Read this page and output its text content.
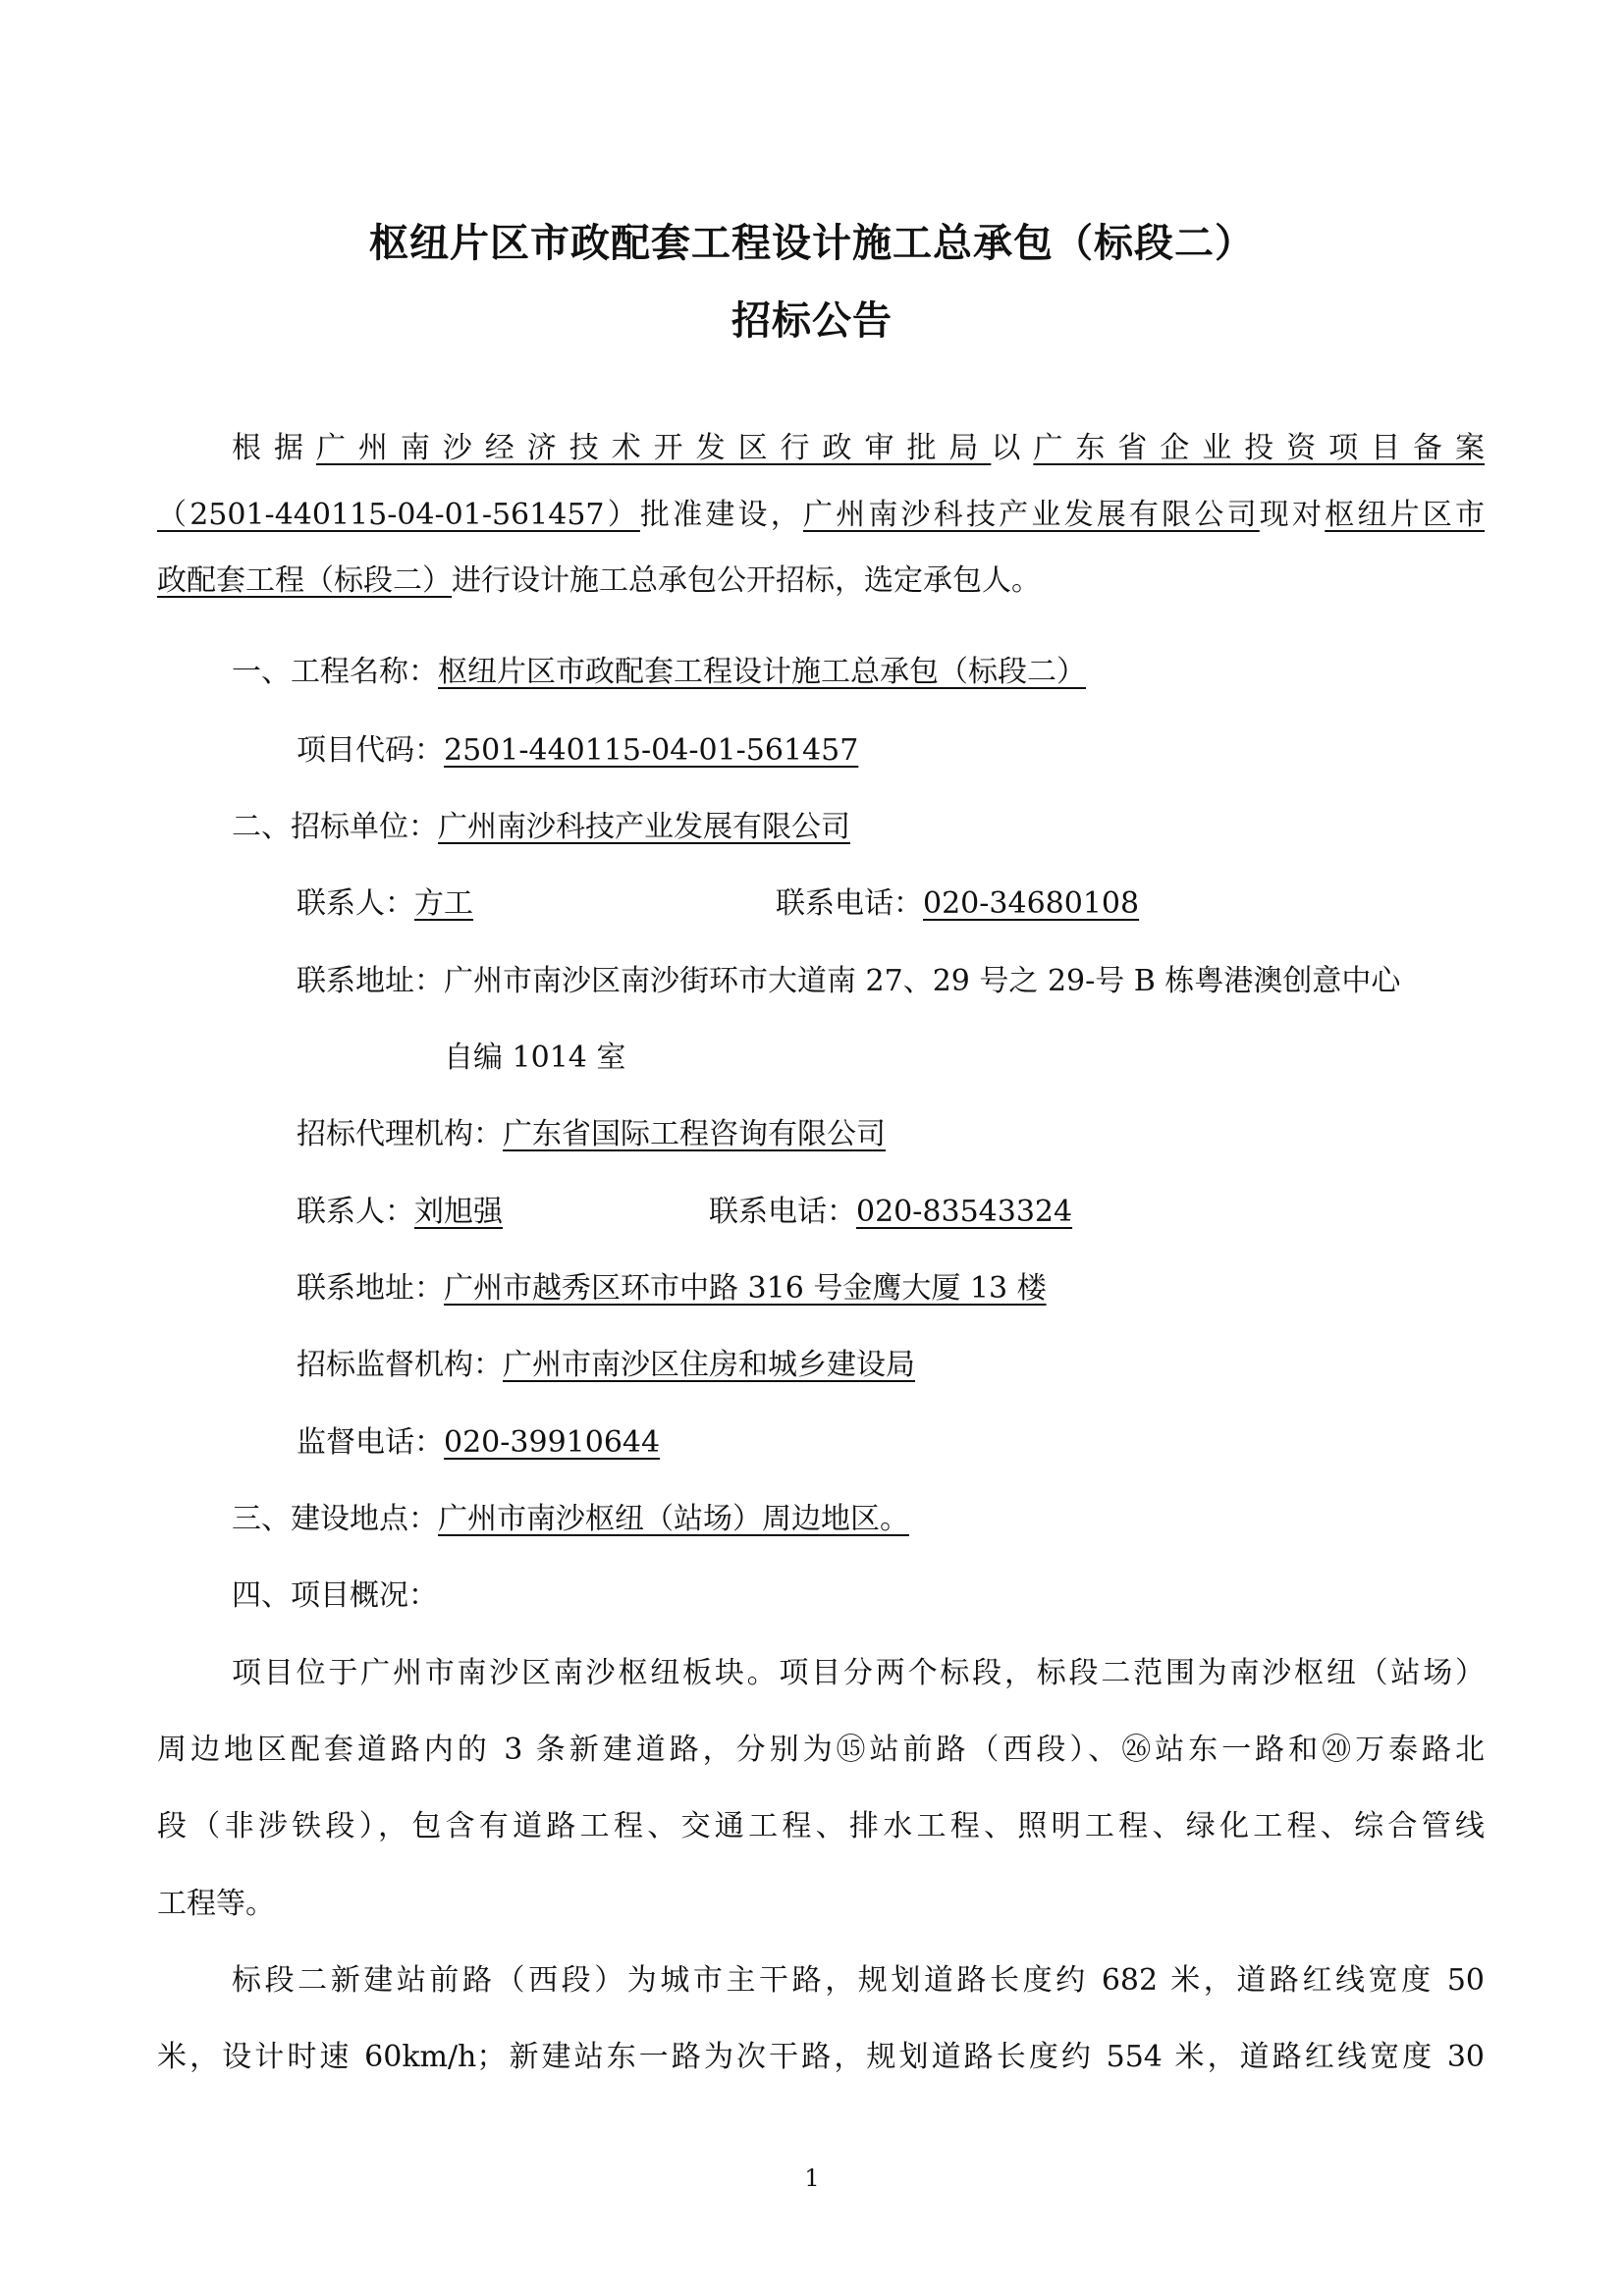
枢纽片区市政配套工程设计施工总承包（标段二）
招标公告
根据广州南沙经济技术开发区行政审批局以广东省企业投资项目备案
（2501-440115-04-01-561457）批准建设，广州南沙科技产业发展有限公司现对枢纽片区市
政配套工程（标段二）进行设计施工总承包公开招标，选定承包人。
一、工程名称：枢纽片区市政配套工程设计施工总承包（标段二）
项目代码：2501-440115-04-01-561457
二、招标单位：广州南沙科技产业发展有限公司
联系人：方工	联系电话：020-34680108
联系地址：广州市南沙区南沙街环市大道南 27、29 号之 29-号 B 栋粤港澳创意中心
自编 1014 室
招标代理机构：广东省国际工程咨询有限公司
联系人：刘旭强	联系电话：020-83543324
联系地址：广州市越秀区环市中路 316 号金鹰大厦 13 楼
招标监督机构：广州市南沙区住房和城乡建设局
监督电话：020-39910644
三、建设地点：广州市南沙枢纽（站场）周边地区。
四、项目概况：
项目位于广州市南沙区南沙枢纽板块。项目分两个标段，标段二范围为南沙枢纽（站场）
周边地区配套道路内的 3 条新建道路，分别为⑮站前路（西段）、㉖站东一路和⑳万泰路北
段（非涉铁段），包含有道路工程、交通工程、排水工程、照明工程、绿化工程、综合管线
工程等。
标段二新建站前路（西段）为城市主干路，规划道路长度约 682 米，道路红线宽度 50
米，设计时速 60km/h；新建站东一路为次干路，规划道路长度约 554 米，道路红线宽度 30
1
